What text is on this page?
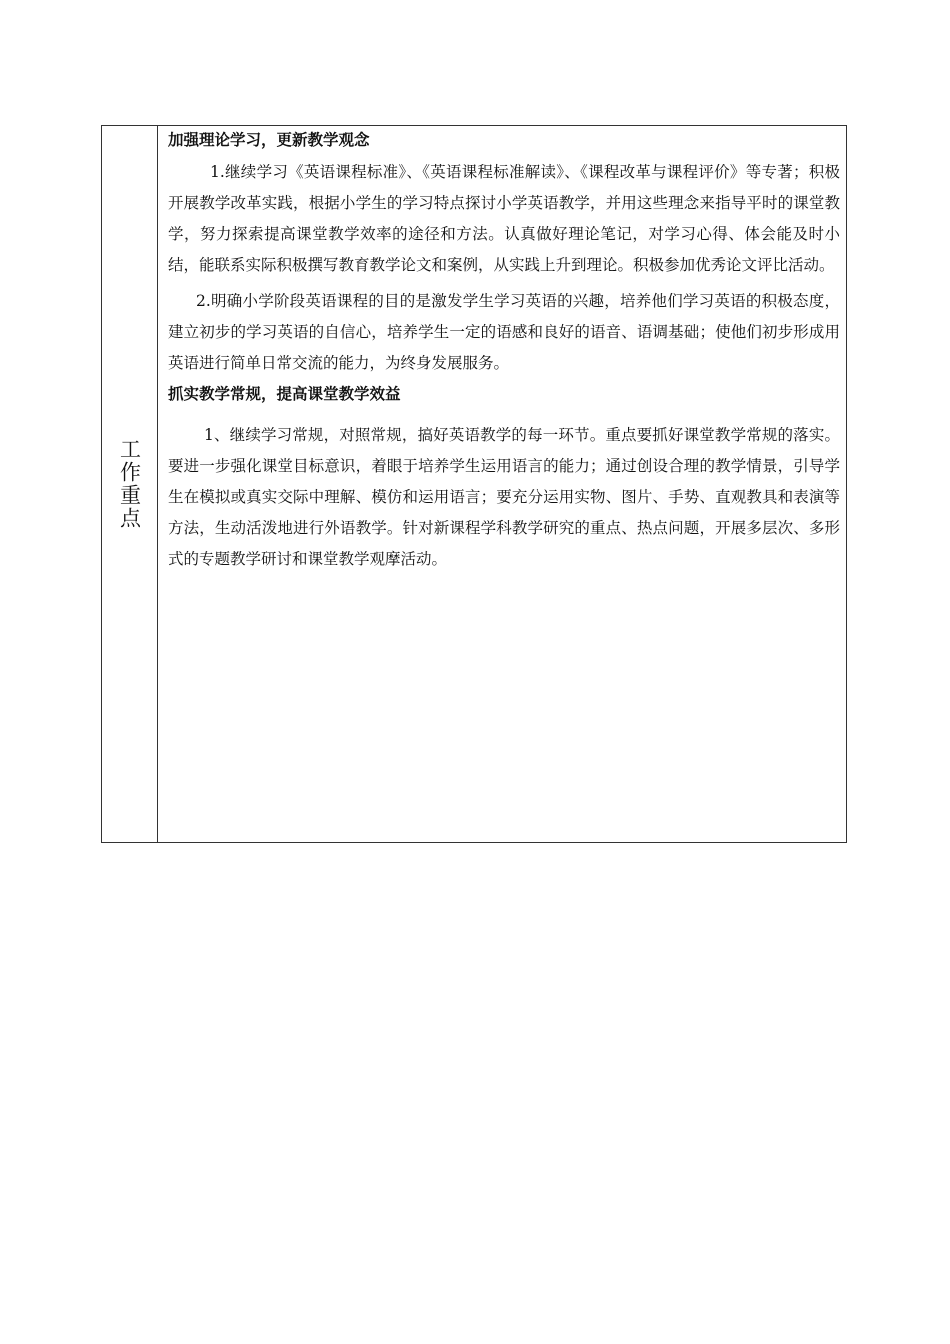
工作重点
加强理论学习，更新教学观念

1.继续学习《英语课程标准》、《英语课程标准解读》、《课程改革与课程评价》等专著；积极开展教学改革实践，根据小学生的学习特点探讨小学英语教学，并用这些理念来指导平时的课堂教学，努力探索提高课堂教学效率的途径和方法。认真做好理论笔记，对学习心得、体会能及时小结，能联系实际积极撰写教育教学论文和案例，从实践上升到理论。积极参加优秀论文评比活动。

2.明确小学阶段英语课程的目的是激发学生学习英语的兴趣，培养他们学习英语的积极态度，建立初步的学习英语的自信心，培养学生一定的语感和良好的语音、语调基础；使他们初步形成用英语进行简单日常交流的能力，为终身发展服务。

抓实教学常规，提高课堂教学效益

1、继续学习常规，对照常规，搞好英语教学的每一环节。重点要抓好课堂教学常规的落实。要进一步强化课堂目标意识，着眼于培养学生运用语言的能力；通过创设合理的教学情景，引导学生在模拟或真实交际中理解、模仿和运用语言；要充分运用实物、图片、手势、直观教具和表演等方法，生动活泼地进行外语教学。针对新课程学科教学研究的重点、热点问题，开展多层次、多形式的专题教学研讨和课堂教学观摩活动。
